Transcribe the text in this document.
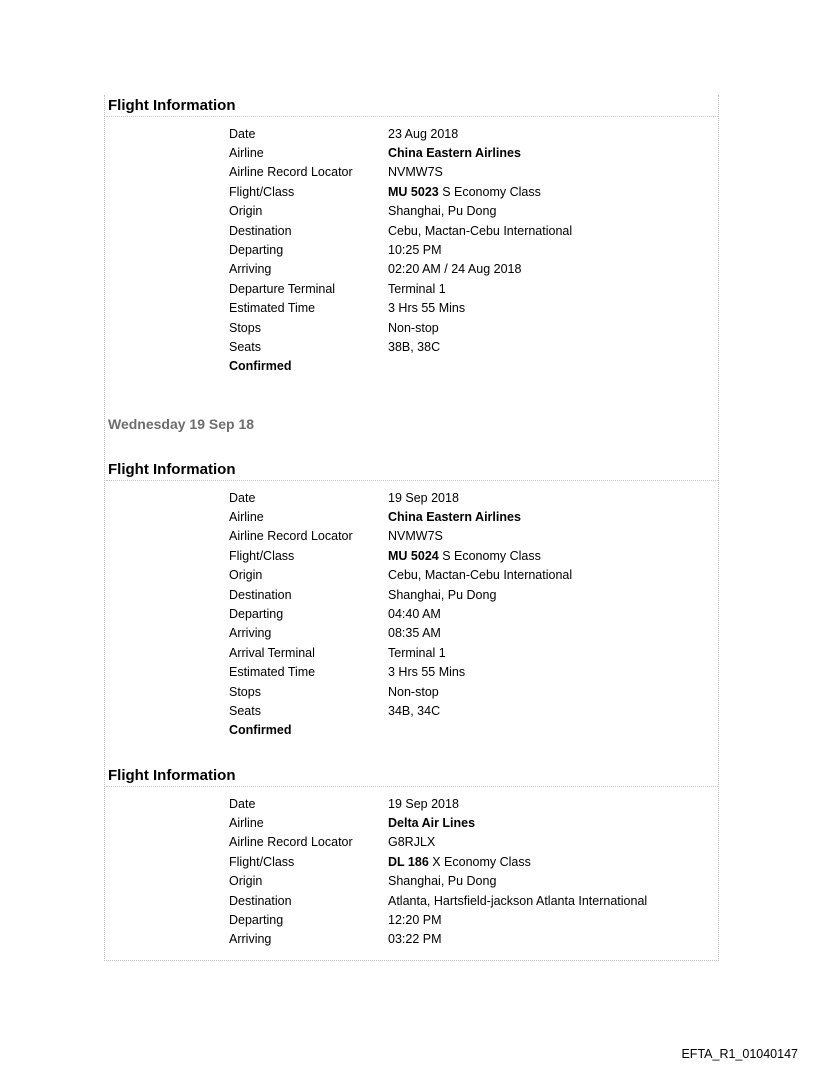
Flight Information
Date	23 Aug 2018
Airline	China Eastern Airlines
Airline Record Locator	NVMW7S
Flight/Class	MU 5023 S Economy Class
Origin	Shanghai, Pu Dong
Destination	Cebu, Mactan-Cebu International
Departing	10:25 PM
Arriving	02:20 AM / 24 Aug 2018
Departure Terminal	Terminal 1
Estimated Time	3 Hrs 55 Mins
Stops	Non-stop
Seats	38B, 38C
Confirmed
Wednesday 19 Sep 18
Flight Information
Date	19 Sep 2018
Airline	China Eastern Airlines
Airline Record Locator	NVMW7S
Flight/Class	MU 5024 S Economy Class
Origin	Cebu, Mactan-Cebu International
Destination	Shanghai, Pu Dong
Departing	04:40 AM
Arriving	08:35 AM
Arrival Terminal	Terminal 1
Estimated Time	3 Hrs 55 Mins
Stops	Non-stop
Seats	34B, 34C
Confirmed
Flight Information
Date	19 Sep 2018
Airline	Delta Air Lines
Airline Record Locator	G8RJLX
Flight/Class	DL 186 X Economy Class
Origin	Shanghai, Pu Dong
Destination	Atlanta, Hartsfield-jackson Atlanta International
Departing	12:20 PM
Arriving	03:22 PM
EFTA_R1_01040147
